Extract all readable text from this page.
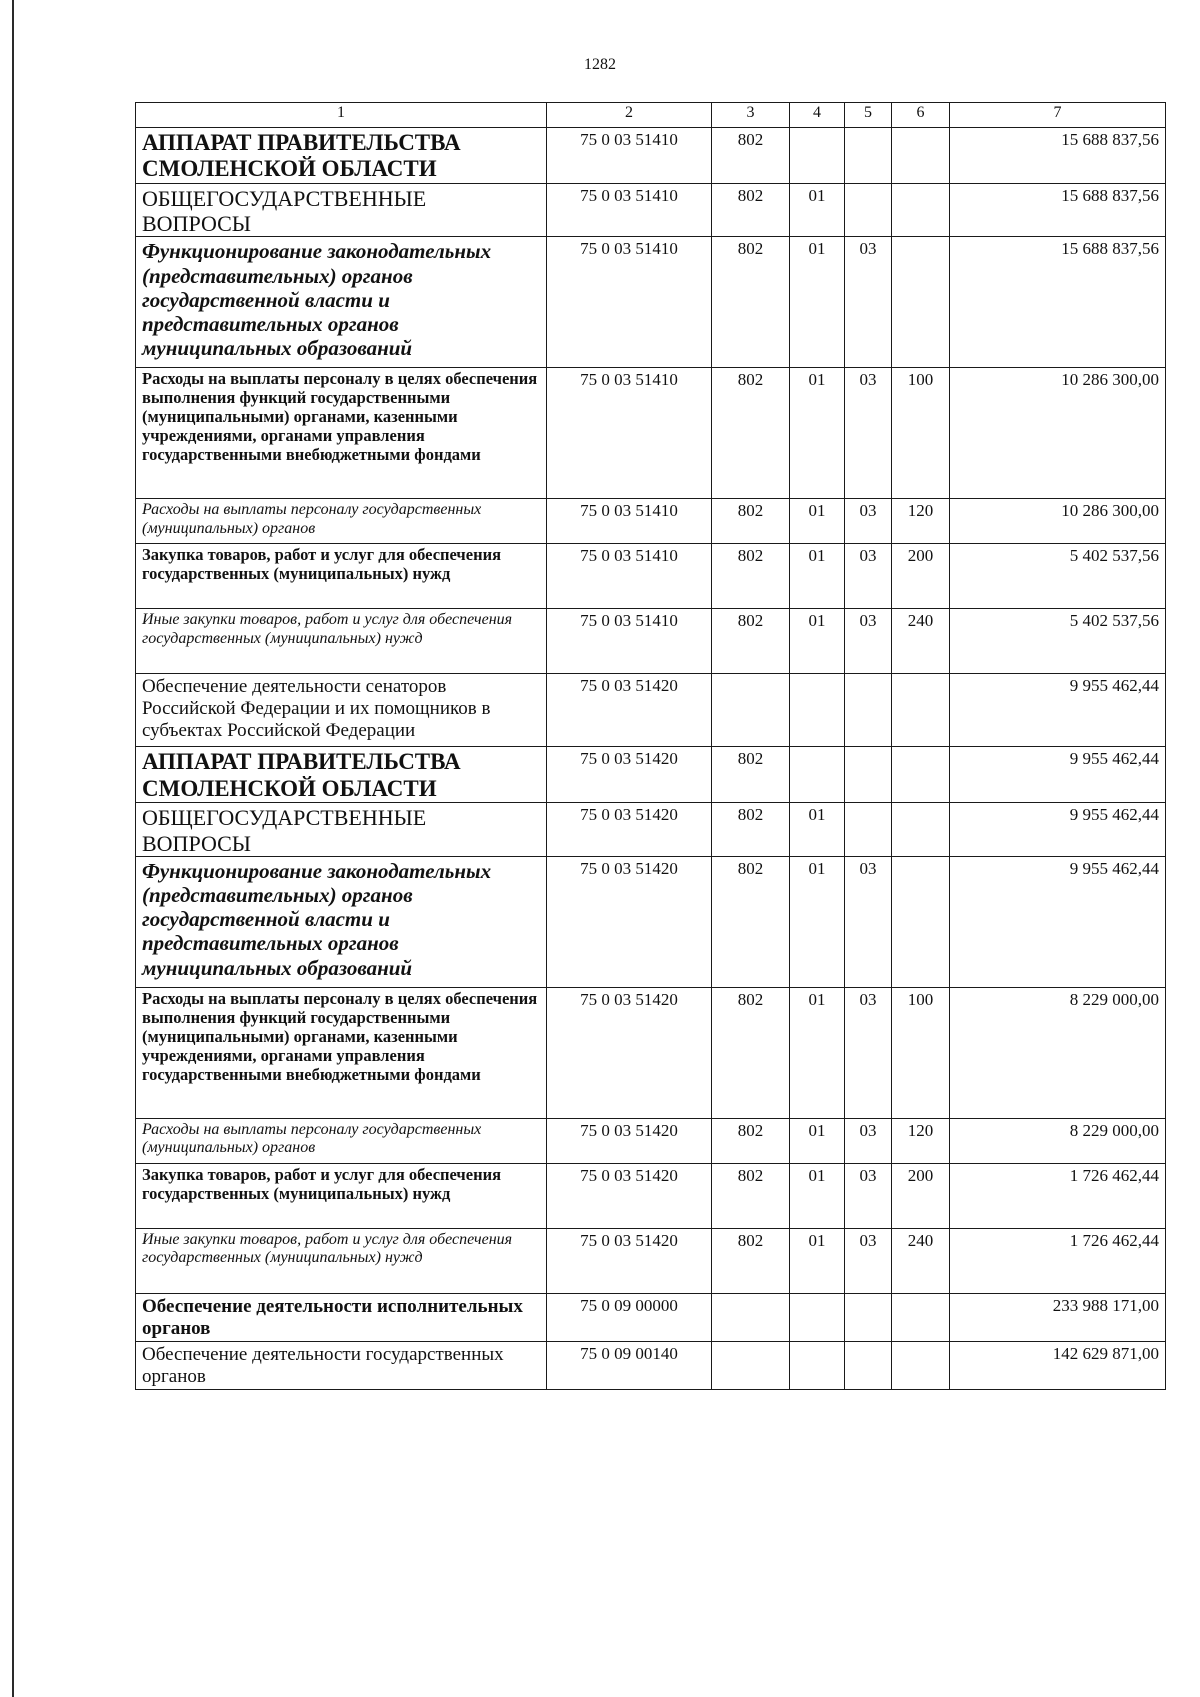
1282
1	2	3	4	5	6	7
АППАРАТ ПРАВИТЕЛЬСТВА СМОЛЕНСКОЙ ОБЛАСТИ	75 0 03 51410	802				15 688 837,56
ОБЩЕГОСУДАРСТВЕННЫЕ ВОПРОСЫ	75 0 03 51410	802	01			15 688 837,56
Функционирование законодательных (представительных) органов государственной власти и представительных органов муниципальных образований	75 0 03 51410	802	01	03		15 688 837,56
Расходы на выплаты персоналу в целях обеспечения выполнения функций государственными (муниципальными) органами, казенными учреждениями, органами управления государственными внебюджетными фондами	75 0 03 51410	802	01	03	100	10 286 300,00
Расходы на выплаты персоналу государственных (муниципальных) органов	75 0 03 51410	802	01	03	120	10 286 300,00
Закупка товаров, работ и услуг для обеспечения государственных (муниципальных) нужд	75 0 03 51410	802	01	03	200	5 402 537,56
Иные закупки товаров, работ и услуг для обеспечения государственных (муниципальных) нужд	75 0 03 51410	802	01	03	240	5 402 537,56
Обеспечение деятельности сенаторов Российской Федерации и их помощников в субъектах Российской Федерации	75 0 03 51420					9 955 462,44
АППАРАТ ПРАВИТЕЛЬСТВА СМОЛЕНСКОЙ ОБЛАСТИ	75 0 03 51420	802				9 955 462,44
ОБЩЕГОСУДАРСТВЕННЫЕ ВОПРОСЫ	75 0 03 51420	802	01			9 955 462,44
Функционирование законодательных (представительных) органов государственной власти и представительных органов муниципальных образований	75 0 03 51420	802	01	03		9 955 462,44
Расходы на выплаты персоналу в целях обеспечения выполнения функций государственными (муниципальными) органами, казенными учреждениями, органами управления государственными внебюджетными фондами	75 0 03 51420	802	01	03	100	8 229 000,00
Расходы на выплаты персоналу государственных (муниципальных) органов	75 0 03 51420	802	01	03	120	8 229 000,00
Закупка товаров, работ и услуг для обеспечения государственных (муниципальных) нужд	75 0 03 51420	802	01	03	200	1 726 462,44
Иные закупки товаров, работ и услуг для обеспечения государственных (муниципальных) нужд	75 0 03 51420	802	01	03	240	1 726 462,44
Обеспечение деятельности исполнительных органов	75 0 09 00000					233 988 171,00
Обеспечение деятельности государственных органов	75 0 09 00140					142 629 871,00
